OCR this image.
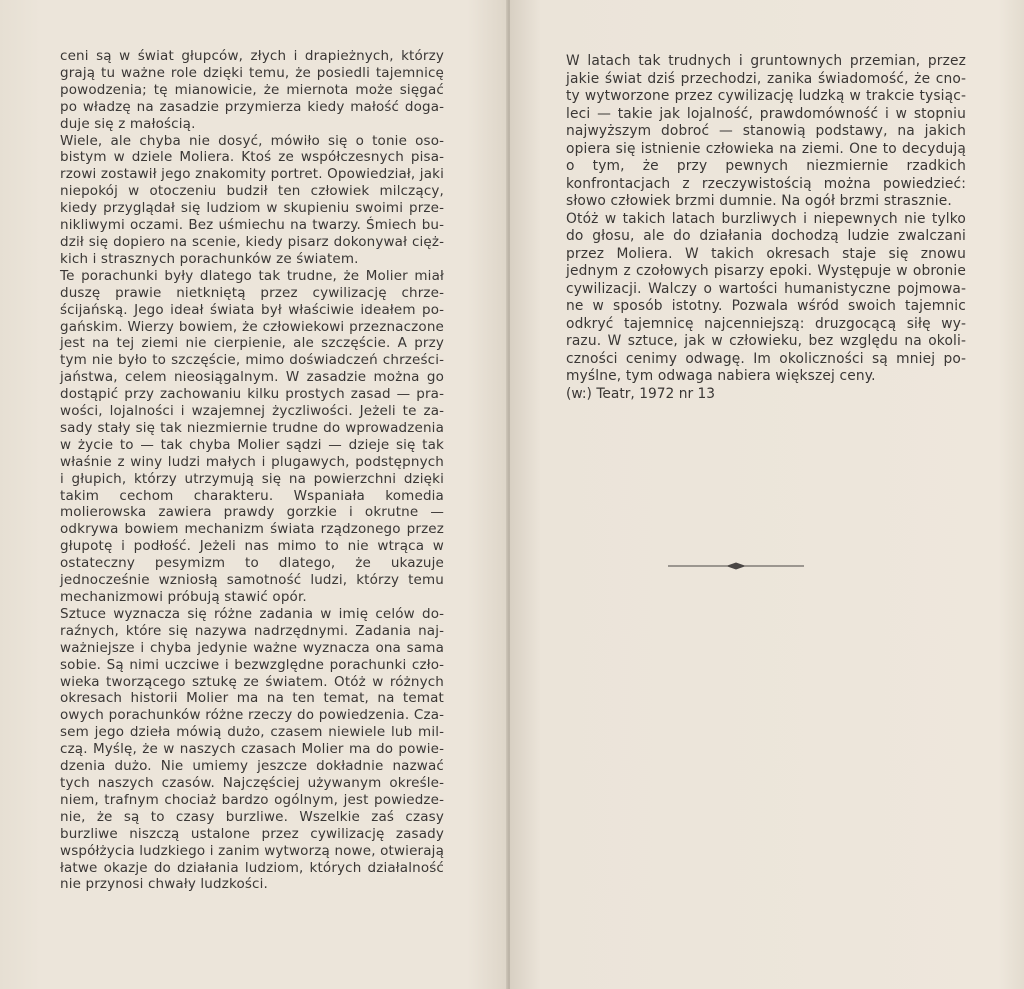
ceni są w świat głupców, złych i drapieżnych, którzy grają tu ważne role dzięki temu, że posiedli tajemnicę powodzenia; tę mianowicie, że miernota może sięgać po władzę na zasadzie przymierza kiedy małość dogaduje się z małością.

Wiele, ale chyba nie dosyć, mówiło się o tonie osobistym w dziele Moliera. Ktoś ze współczesnych pisarzowi zostawił jego znakomity portret. Opowiedział, jaki niepokój w otoczeniu budził ten człowiek milczący, kiedy przyglądał się ludziom w skupieniu swoimi przenikliwymi oczami. Bez uśmiechu na twarzy. Śmiech budził się dopiero na scenie, kiedy pisarz dokonywał ciężkich i strasznych porachunków ze światem.

Te porachunki były dlatego tak trudne, że Molier miał duszę prawie nietkniętą przez cywilizację chrześcijańską. Jego ideał świata był właściwie ideałem pogańskim. Wierzy bowiem, że człowiekowi przeznaczone jest na tej ziemi nie cierpienie, ale szczęście. A przy tym nie było to szczęście, mimo doświadczeń chrześcijaństwa, celem nieosiągalnym. W zasadzie można go dostąpić przy zachowaniu kilku prostych zasad — prawości, lojalności i wzajemnej życzliwości. Jeżeli te zasady stały się tak niezmiernie trudne do wprowadzenia w życie to — tak chyba Molier sądzi — dzieje się tak właśnie z winy ludzi małych i plugawych, podstępnych i głupich, którzy utrzymują się na powierzchni dzięki takim cechom charakteru. Wspaniała komedia molierowska zawiera prawdy gorzkie i okrutne — odkrywa bowiem mechanizm świata rządzonego przez głupotę i podłość. Jeżeli nas mimo to nie wtrąca w ostateczny pesymizm to dlatego, że ukazuje jednocześnie wzniosłą samotność ludzi, którzy temu mechanizmowi próbują stawić opór.

Sztuce wyznacza się różne zadania w imię celów doraźnych, które się nazywa nadrzędnymi. Zadania najważniejsze i chyba jedynie ważne wyznacza ona sama sobie. Są nimi uczciwe i bezwzględne porachunki człowieka tworzącego sztukę ze światem. Otóż w różnych okresach historii Molier ma na ten temat, na temat owych porachunków różne rzeczy do powiedzenia. Czasem jego dzieła mówią dużo, czasem niewiele lub milczą. Myślę, że w naszych czasach Molier ma do powiedzenia dużo. Nie umiemy jeszcze dokładnie nazwać tych naszych czasów. Najczęściej używanym określeniem, trafnym chociaż bardzo ogólnym, jest powiedzenie, że są to czasy burzliwe. Wszelkie zaś czasy burzliwe niszczą ustalone przez cywilizację zasady współżycia ludzkiego i zanim wytworzą nowe, otwierają łatwe okazje do działania ludziom, których działalność nie przynosi chwały ludzkości.

W latach tak trudnych i gruntownych przemian, przez jakie świat dziś przechodzi, zanika świadomość, że cnoty wytworzone przez cywilizację ludzką w trakcie tysiącleci — takie jak lojalność, prawdomówność i w stopniu najwyższym dobroć — stanowią podstawy, na jakich opiera się istnienie człowieka na ziemi. One to decydują o tym, że przy pewnych niezmiernie rzadkich konfrontacjach z rzeczywistością można powiedzieć: słowo człowiek brzmi dumnie. Na ogół brzmi strasznie.

Otóż w takich latach burzliwych i niepewnych nie tylko do głosu, ale do działania dochodzą ludzie zwalczani przez Moliera. W takich okresach staje się znowu jednym z czołowych pisarzy epoki. Występuje w obronie cywilizacji. Walczy o wartości humanistyczne pojmowane w sposób istotny. Pozwala wśród swoich tajemnic odkryć tajemnicę najcenniejszą: druzgocącą siłę wyrazu. W sztuce, jak w człowieku, bez względu na okoliczności cenimy odwagę. Im okoliczności są mniej pomyślne, tym odwaga nabiera większej ceny.

(w:) Teatr, 1972 nr 13
